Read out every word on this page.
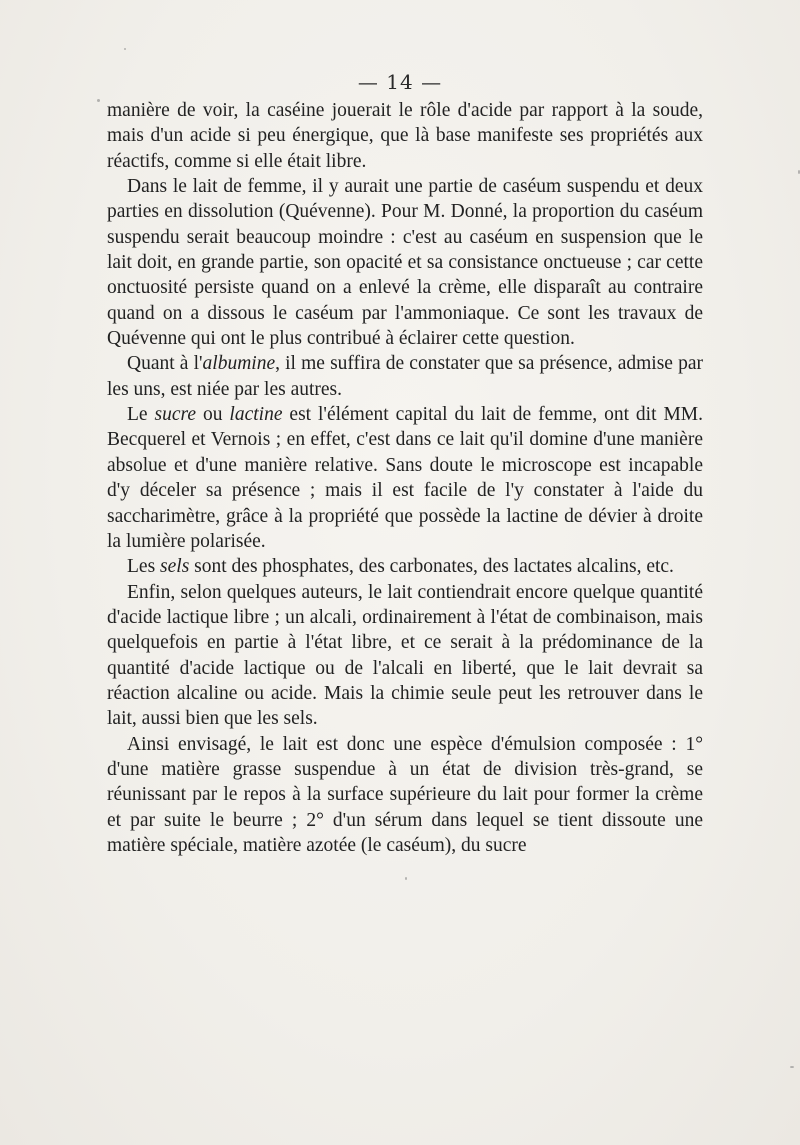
— 14 —

manière de voir, la caséine jouerait le rôle d'acide par rapport à la soude, mais d'un acide si peu énergique, que là base manifeste ses propriétés aux réactifs, comme si elle était libre.

Dans le lait de femme, il y aurait une partie de caséum suspendu et deux parties en dissolution (Quévenne). Pour M. Donné, la proportion du caséum suspendu serait beaucoup moindre : c'est au caséum en suspension que le lait doit, en grande partie, son opacité et sa consistance onctueuse ; car cette onctuosité persiste quand on a enlevé la crème, elle disparaît au contraire quand on a dissous le caséum par l'ammoniaque. Ce sont les travaux de Quévenne qui ont le plus contribué à éclairer cette question.

Quant à l'albumine, il me suffira de constater que sa présence, admise par les uns, est niée par les autres.

Le sucre ou lactine est l'élément capital du lait de femme, ont dit MM. Becquerel et Vernois ; en effet, c'est dans ce lait qu'il domine d'une manière absolue et d'une manière relative. Sans doute le microscope est incapable d'y déceler sa présence ; mais il est facile de l'y constater à l'aide du saccharimètre, grâce à la propriété que possède la lactine de dévier à droite la lumière polarisée.

Les sels sont des phosphates, des carbonates, des lactates alcalins, etc.

Enfin, selon quelques auteurs, le lait contiendrait encore quelque quantité d'acide lactique libre ; un alcali, ordinairement à l'état de combinaison, mais quelquefois en partie à l'état libre, et ce serait à la prédominance de la quantité d'acide lactique ou de l'alcali en liberté, que le lait devrait sa réaction alcaline ou acide. Mais la chimie seule peut les retrouver dans le lait, aussi bien que les sels.

Ainsi envisagé, le lait est donc une espèce d'émulsion composée : 1° d'une matière grasse suspendue à un état de division très-grand, se réunissant par le repos à la surface supérieure du lait pour former la crème et par suite le beurre ; 2° d'un sérum dans lequel se tient dissoute une matière spéciale, matière azotée (le caséum), du sucre
